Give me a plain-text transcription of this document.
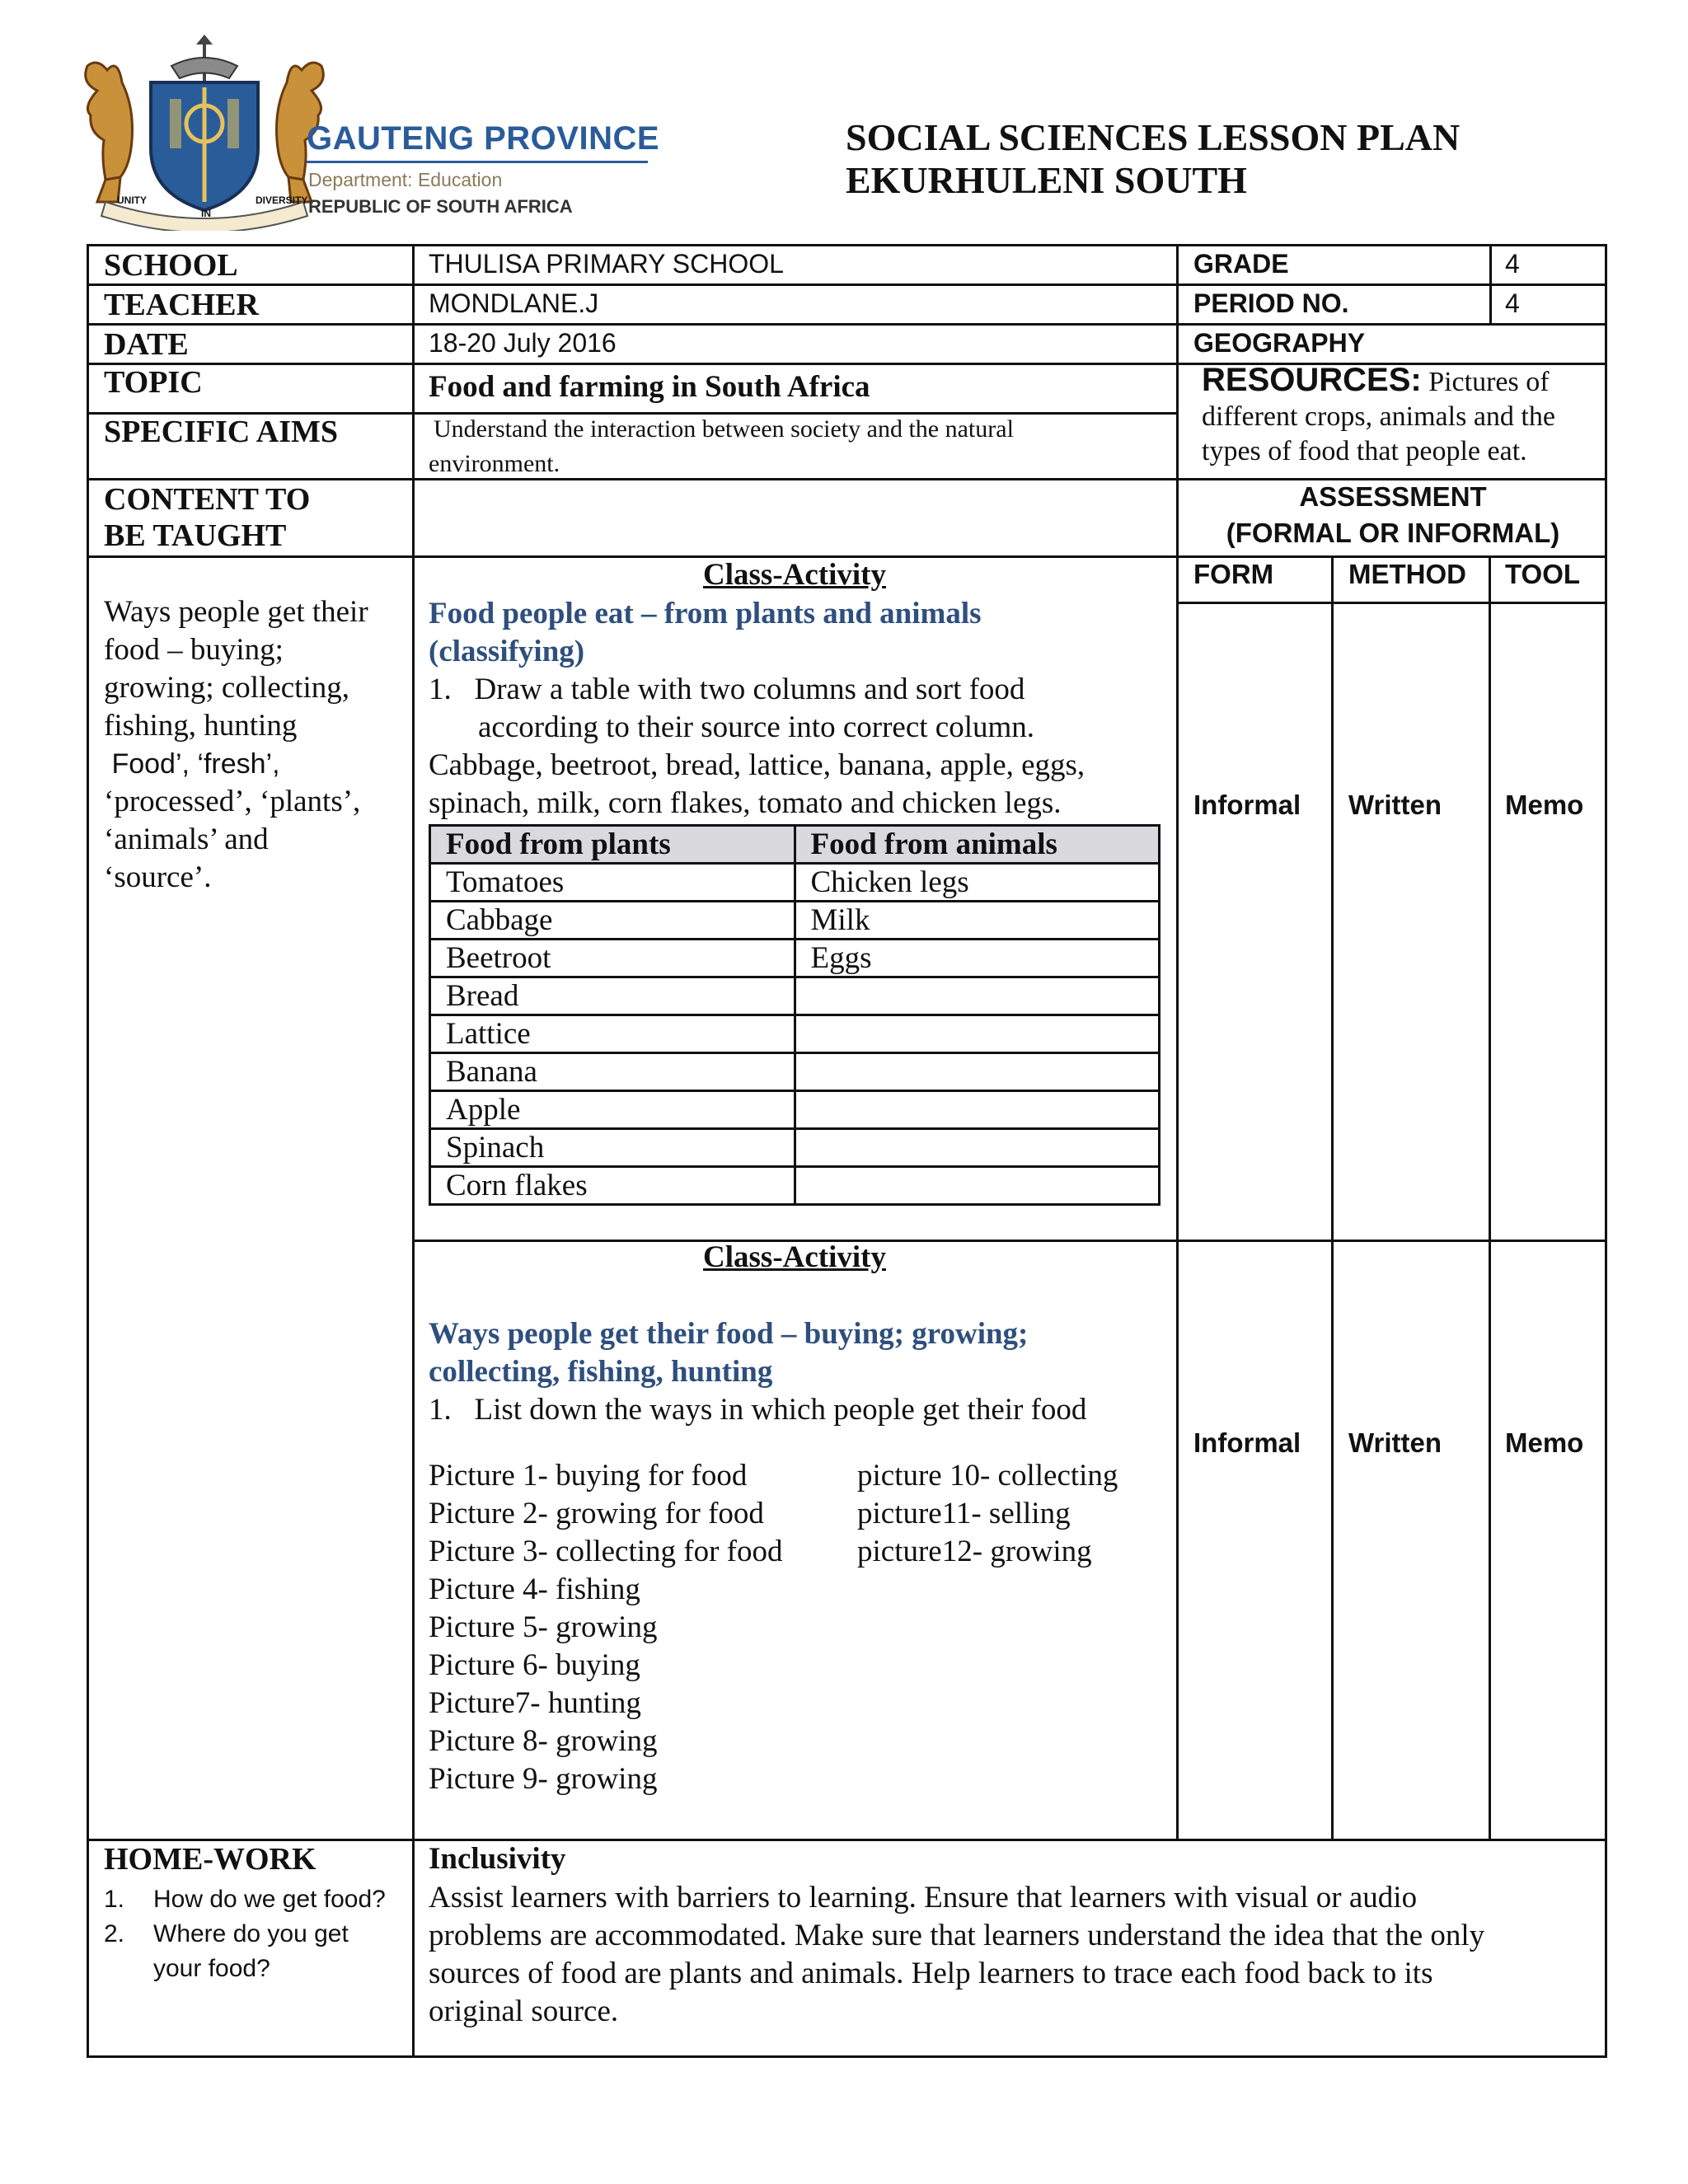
UNITY
IN
DIVERSITY
GAUTENG PROVINCE
Department: Education
REPUBLIC OF SOUTH AFRICA
SOCIAL SCIENCES LESSON PLAN
EKURHULENI SOUTH
SCHOOL	THULISA PRIMARY SCHOOL	GRADE	4
TEACHER	MONDLANE.J	PERIOD NO.	4
DATE	18-20 July 2016	GEOGRAPHY
TOPIC	Food and farming in South Africa	RESOURCES: Pictures of
different crops, animals and the
types of food that people eat.
SPECIFIC AIMS	Understand the interaction between society and the natural
environment.
CONTENT TO
BE TAUGHT
ASSESSMENT
(FORMAL OR INFORMAL)
FORM	METHOD TOOL
Informal Written Memo
Informal Written Memo
Ways people get their
food – buying;
growing; collecting,
fishing, hunting
Food’, ‘fresh’,
‘processed’, ‘plants’,
‘animals’ and
‘source’.
Class-Activity
Food people eat – from plants and animals
(classifying)
1.   Draw a table with two columns and sort food
according to their source into correct column.
Cabbage, beetroot, bread, lattice, banana, apple, eggs,
spinach, milk, corn flakes, tomato and chicken legs.
Food from plants	Food from animals
Tomatoes	Chicken legs
Cabbage	Milk
Beetroot	Eggs
Bread	
Lattice	
Banana	
Apple	
Spinach	
Corn flakes	
Class-Activity
Ways people get their food – buying; growing;
collecting, fishing, hunting
1.   List down the ways in which people get their food
Picture 1- buying for food
Picture 2- growing for food
Picture 3- collecting for food
Picture 4- fishing
Picture 5- growing
Picture 6- buying
Picture7- hunting
Picture 8- growing
Picture 9- growing
picture 10- collecting
picture11- selling
picture12- growing
HOME-WORK
1. How do we get food?
2. Where do you get
your food?
Inclusivity
Assist learners with barriers to learning. Ensure that learners with visual or audio
problems are accommodated. Make sure that learners understand the idea that the only
sources of food are plants and animals. Help learners to trace each food back to its
original source.
